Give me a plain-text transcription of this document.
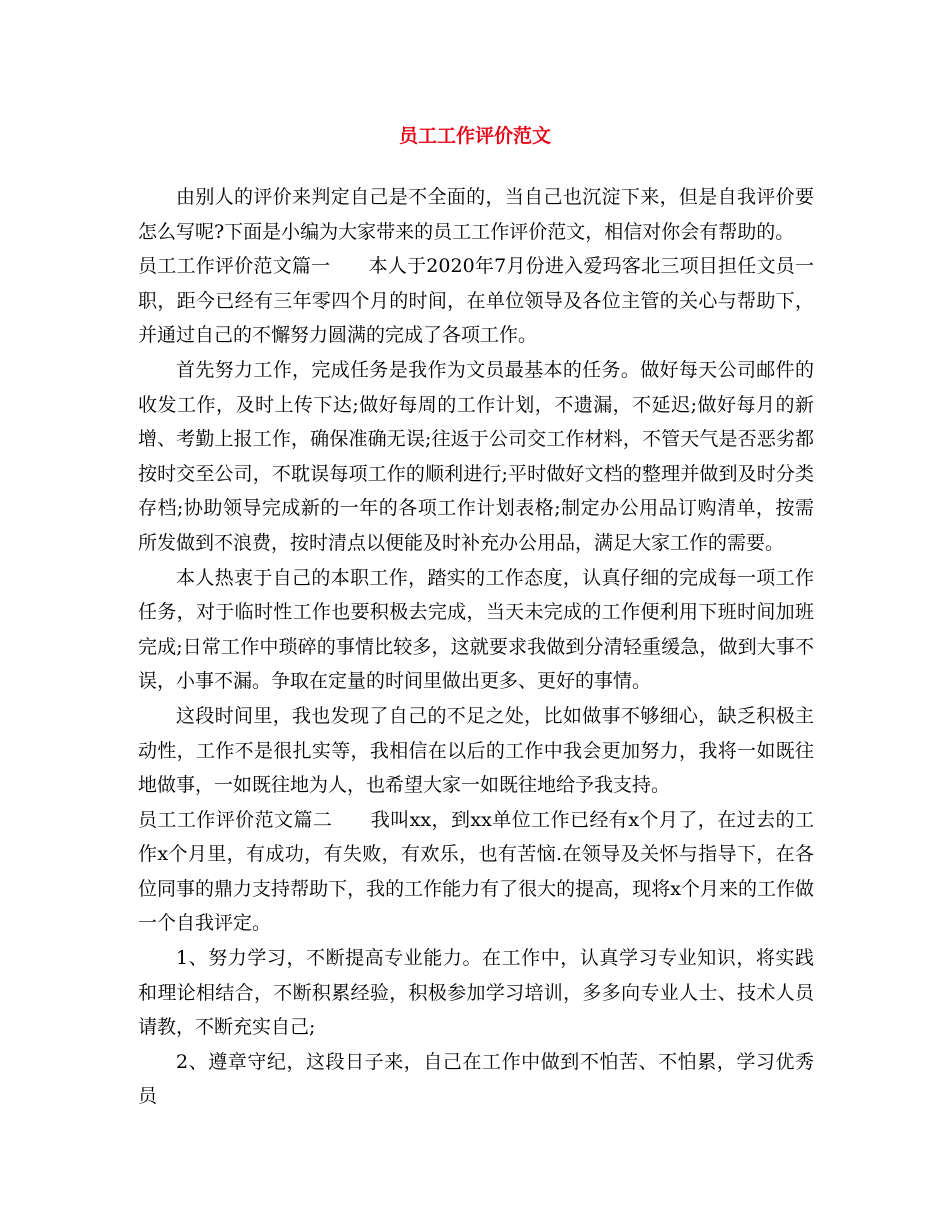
员工工作评价范文

由别人的评价来判定自己是不全面的，当自己也沉淀下来，但是自我评价要怎么写呢?下面是小编为大家带来的员工工作评价范文，相信对你会有帮助的。

员工工作评价范文篇一 本人于2020年7月份进入爱玛客北三项目担任文员一职，距今已经有三年零四个月的时间，在单位领导及各位主管的关心与帮助下，并通过自己的不懈努力圆满的完成了各项工作。

首先努力工作，完成任务是我作为文员最基本的任务。做好每天公司邮件的收发工作，及时上传下达;做好每周的工作计划，不遗漏，不延迟;做好每月的新增、考勤上报工作，确保准确无误;往返于公司交工作材料，不管天气是否恶劣都按时交至公司，不耽误每项工作的顺利进行;平时做好文档的整理并做到及时分类存档;协助领导完成新的一年的各项工作计划表格;制定办公用品订购清单，按需所发做到不浪费，按时清点以便能及时补充办公用品，满足大家工作的需要。

本人热衷于自己的本职工作，踏实的工作态度，认真仔细的完成每一项工作任务，对于临时性工作也要积极去完成，当天未完成的工作便利用下班时间加班完成;日常工作中琐碎的事情比较多，这就要求我做到分清轻重缓急，做到大事不误，小事不漏。争取在定量的时间里做出更多、更好的事情。

这段时间里，我也发现了自己的不足之处，比如做事不够细心，缺乏积极主动性，工作不是很扎实等，我相信在以后的工作中我会更加努力，我将一如既往地做事，一如既往地为人，也希望大家一如既往地给予我支持。

员工工作评价范文篇二 我叫xx，到xx单位工作已经有x个月了，在过去的工作x个月里，有成功，有失败，有欢乐，也有苦恼.在领导及关怀与指导下，在各位同事的鼎力支持帮助下，我的工作能力有了很大的提高，现将x个月来的工作做一个自我评定。

1、努力学习，不断提高专业能力。在工作中，认真学习专业知识，将实践和理论相结合，不断积累经验，积极参加学习培训，多多向专业人士、技术人员请教，不断充实自己;

2、遵章守纪，这段日子来，自己在工作中做到不怕苦、不怕累，学习优秀员
